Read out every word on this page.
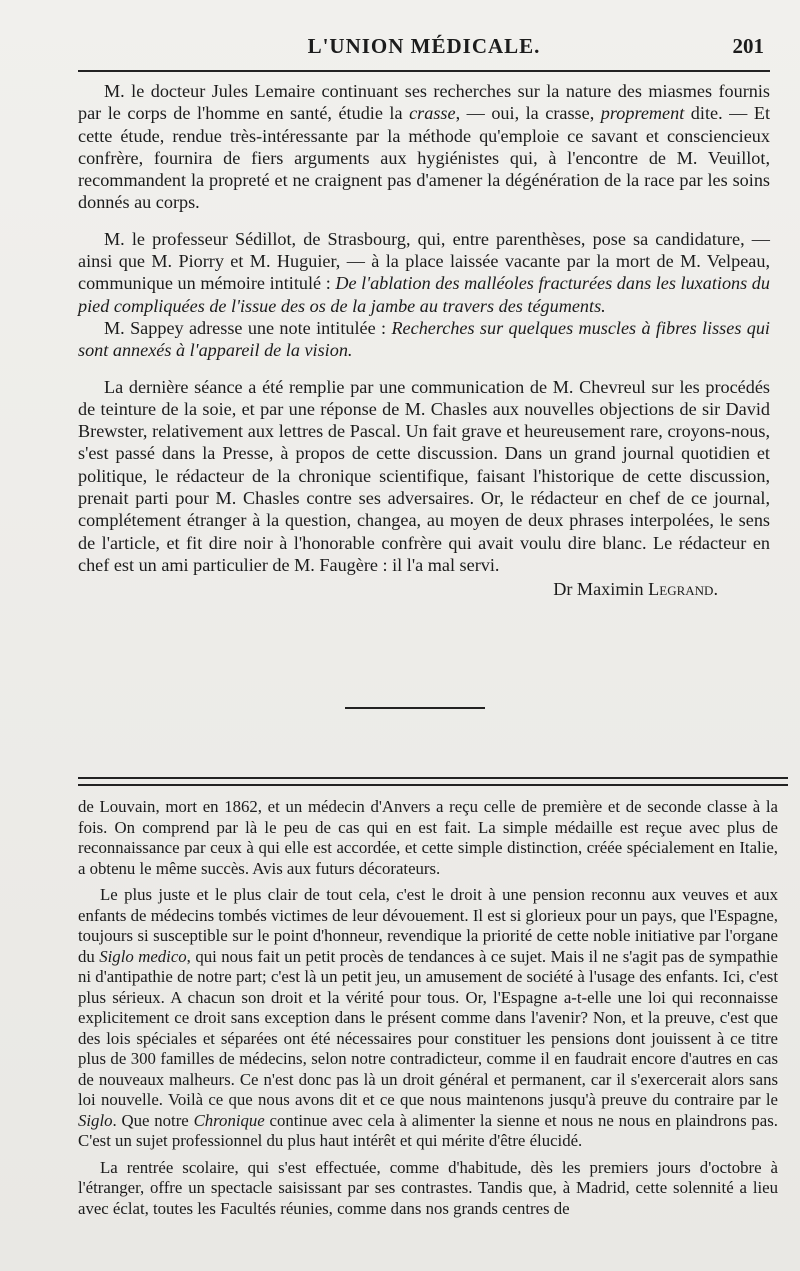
L'UNION MÉDICALE.	201

M. le docteur Jules Lemaire continuant ses recherches sur la nature des miasmes fournis par le corps de l'homme en santé, étudie la crasse, — oui, la crasse, proprement dite. — Et cette étude, rendue très-intéressante par la méthode qu'emploie ce savant et consciencieux confrère, fournira de fiers arguments aux hygiénistes qui, à l'encontre de M. Veuillot, recommandent la propreté et ne craignent pas d'amener la dégénération de la race par les soins donnés au corps.

M. le professeur Sédillot, de Strasbourg, qui, entre parenthèses, pose sa candidature, — ainsi que M. Piorry et M. Huguier, — à la place laissée vacante par la mort de M. Velpeau, communique un mémoire intitulé : De l'ablation des malléoles fracturées dans les luxations du pied compliquées de l'issue des os de la jambe au travers des téguments.

M. Sappey adresse une note intitulée : Recherches sur quelques muscles à fibres lisses qui sont annexés à l'appareil de la vision.

La dernière séance a été remplie par une communication de M. Chevreul sur les procédés de teinture de la soie, et par une réponse de M. Chasles aux nouvelles objections de sir David Brewster, relativement aux lettres de Pascal. Un fait grave et heureusement rare, croyons-nous, s'est passé dans la Presse, à propos de cette discussion. Dans un grand journal quotidien et politique, le rédacteur de la chronique scientifique, faisant l'historique de cette discussion, prenait parti pour M. Chasles contre ses adversaires. Or, le rédacteur en chef de ce journal, complétement étranger à la question, changea, au moyen de deux phrases interpolées, le sens de l'article, et fit dire noir à l'honorable confrère qui avait voulu dire blanc. Le rédacteur en chef est un ami particulier de M. Faugère : il l'a mal servi.

Dr Maximin Legrand.

de Louvain, mort en 1862, et un médecin d'Anvers a reçu celle de première et de seconde classe à la fois. On comprend par là le peu de cas qui en est fait. La simple médaille est reçue avec plus de reconnaissance par ceux à qui elle est accordée, et cette simple distinction, créée spécialement en Italie, a obtenu le même succès. Avis aux futurs décorateurs.

Le plus juste et le plus clair de tout cela, c'est le droit à une pension reconnu aux veuves et aux enfants de médecins tombés victimes de leur dévouement. Il est si glorieux pour un pays, que l'Espagne, toujours si susceptible sur le point d'honneur, revendique la priorité de cette noble initiative par l'organe du Siglo medico, qui nous fait un petit procès de tendances à ce sujet. Mais il ne s'agit pas de sympathie ni d'antipathie de notre part; c'est là un petit jeu, un amusement de société à l'usage des enfants. Ici, c'est plus sérieux. A chacun son droit et la vérité pour tous. Or, l'Espagne a-t-elle une loi qui reconnaisse explicitement ce droit sans exception dans le présent comme dans l'avenir? Non, et la preuve, c'est que des lois spéciales et séparées ont été nécessaires pour constituer les pensions dont jouissent à ce titre plus de 300 familles de médecins, selon notre contradicteur, comme il en faudrait encore d'autres en cas de nouveaux malheurs. Ce n'est donc pas là un droit général et permanent, car il s'exercerait alors sans loi nouvelle. Voilà ce que nous avons dit et ce que nous maintenons jusqu'à preuve du contraire par le Siglo. Que notre Chronique continue avec cela à alimenter la sienne et nous ne nous en plaindrons pas. C'est un sujet professionnel du plus haut intérêt et qui mérite d'être élucidé.

La rentrée scolaire, qui s'est effectuée, comme d'habitude, dès les premiers jours d'octobre à l'étranger, offre un spectacle saisissant par ses contrastes. Tandis que, à Madrid, cette solennité a lieu avec éclat, toutes les Facultés réunies, comme dans nos grands centres de
